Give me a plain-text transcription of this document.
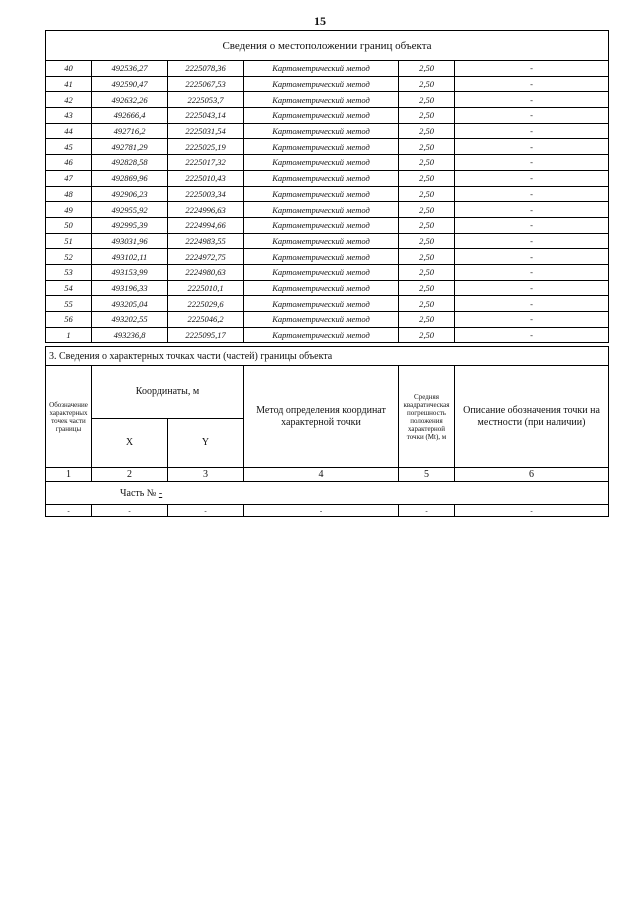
15
Сведения о местоположении границ объекта					
40	492536,27	2225078,36	Картометрический метод	2,50	-
41	492590,47	2225067,53	Картометрический метод	2,50	-
42	492632,26	2225053,7	Картометрический метод	2,50	-
43	492666,4	2225043,14	Картометрический метод	2,50	-
44	492716,2	2225031,54	Картометрический метод	2,50	-
45	492781,29	2225025,19	Картометрический метод	2,50	-
46	492828,58	2225017,32	Картометрический метод	2,50	-
47	492869,96	2225010,43	Картометрический метод	2,50	-
48	492906,23	2225003,34	Картометрический метод	2,50	-
49	492955,92	2224996,63	Картометрический метод	2,50	-
50	492995,39	2224994,66	Картометрический метод	2,50	-
51	493031,96	2224983,55	Картометрический метод	2,50	-
52	493102,11	2224972,75	Картометрический метод	2,50	-
53	493153,99	2224980,63	Картометрический метод	2,50	-
54	493196,33	2225010,1	Картометрический метод	2,50	-
55	493205,04	2225029,6	Картометрический метод	2,50	-
56	493202,55	2225046,2	Картометрический метод	2,50	-
1	493236,8	2225095,17	Картометрический метод	2,50	-
3. Сведения о характерных точках части (частей) границы объекта					
Обозначение характерных точек части границы	Координаты, м		Метод определения координат характерной точки	Средняя квадратическая погрешность положения характерной точки (Мt), м	Описание обозначения точки на местности (при наличии)
	X	Y			
1	2	3	4	5	6
Часть № -					
-	-	-	-	-	-
